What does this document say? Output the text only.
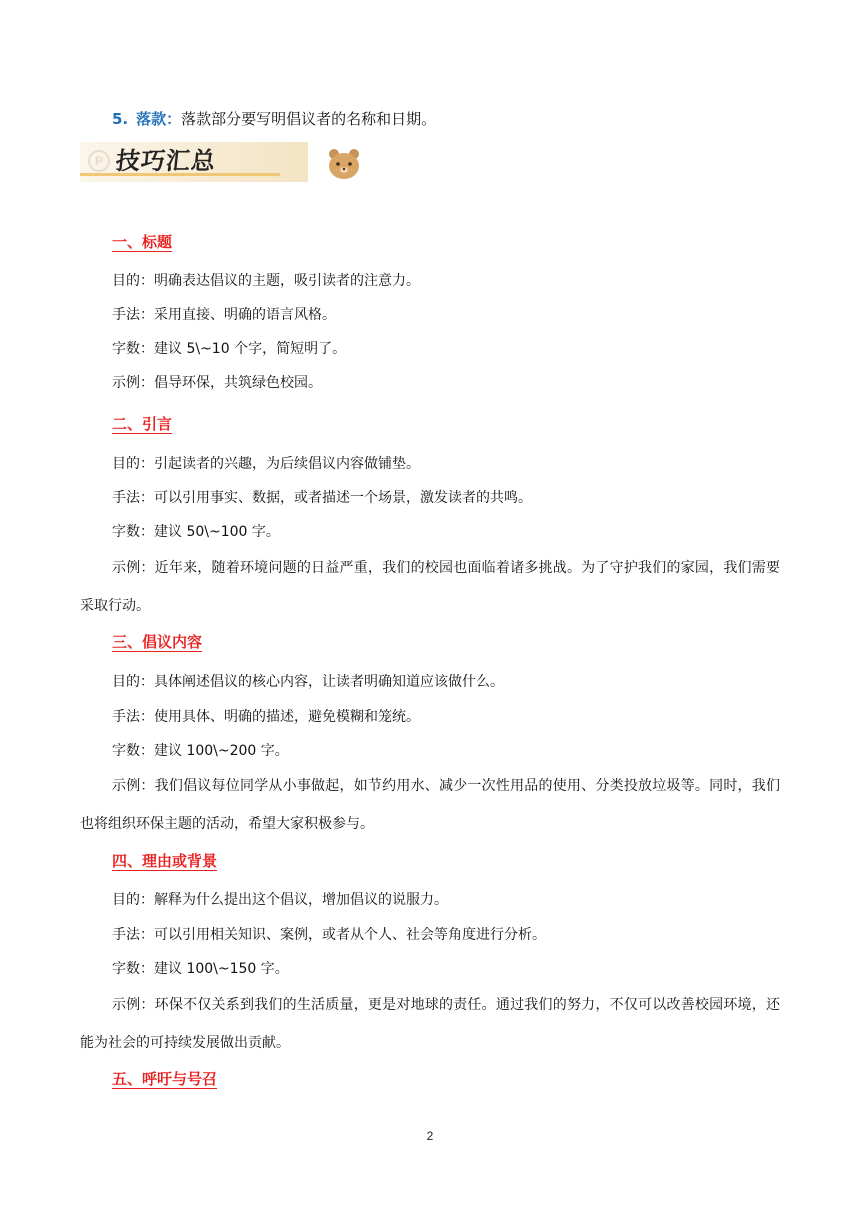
5. 落款：落款部分要写明倡议者的名称和日期。
P 技巧汇总
一、标题
目的：明确表达倡议的主题，吸引读者的注意力。
手法：采用直接、明确的语言风格。
字数：建议 5\~10 个字，简短明了。
示例：倡导环保，共筑绿色校园。
二、引言
目的：引起读者的兴趣，为后续倡议内容做铺垫。
手法：可以引用事实、数据，或者描述一个场景，激发读者的共鸣。
字数：建议 50\~100 字。
示例：近年来，随着环境问题的日益严重，我们的校园也面临着诸多挑战。为了守护我们的家园，我们需要采取行动。
三、倡议内容
目的：具体阐述倡议的核心内容，让读者明确知道应该做什么。
手法：使用具体、明确的描述，避免模糊和笼统。
字数：建议 100\~200 字。
示例：我们倡议每位同学从小事做起，如节约用水、减少一次性用品的使用、分类投放垃圾等。同时，我们也将组织环保主题的活动，希望大家积极参与。
四、理由或背景
目的：解释为什么提出这个倡议，增加倡议的说服力。
手法：可以引用相关知识、案例，或者从个人、社会等角度进行分析。
字数：建议 100\~150 字。
示例：环保不仅关系到我们的生活质量，更是对地球的责任。通过我们的努力，不仅可以改善校园环境，还能为社会的可持续发展做出贡献。
五、呼吁与号召
2
